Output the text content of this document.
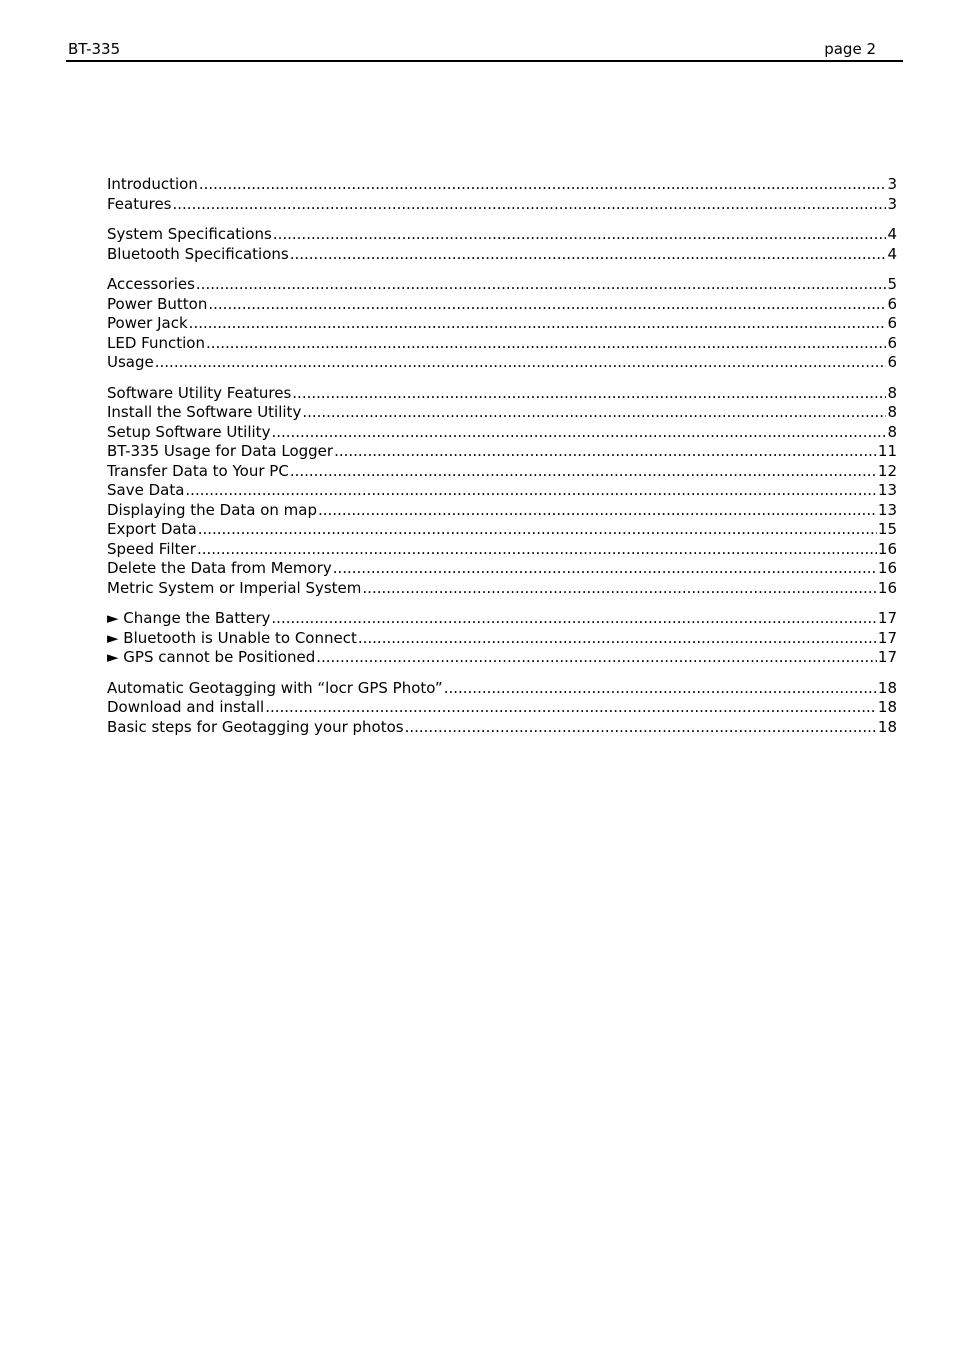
BT-335	page 2
Introduction .....	3
Features .....	3
System Specifications .....	4
Bluetooth Specifications .....	4
Accessories .....	5
Power Button .....	6
Power Jack .....	6
LED Function .....	6
Usage .....	6
Software Utility Features .....	8
Install the Software Utility .....	8
Setup Software Utility .....	8
BT-335 Usage for Data Logger .....	11
Transfer Data to Your PC .....	12
Save Data .....	13
Displaying the Data on map .....	13
Export Data .....	15
Speed Filter .....	16
Delete the Data from Memory .....	16
Metric System or Imperial System .....	16
► Change the Battery .....	17
► Bluetooth is Unable to Connect .....	17
► GPS cannot be Positioned .....	17
Automatic Geotagging with “locr GPS Photo” .....	18
Download and install .....	18
Basic steps for Geotagging your photos .....	18
